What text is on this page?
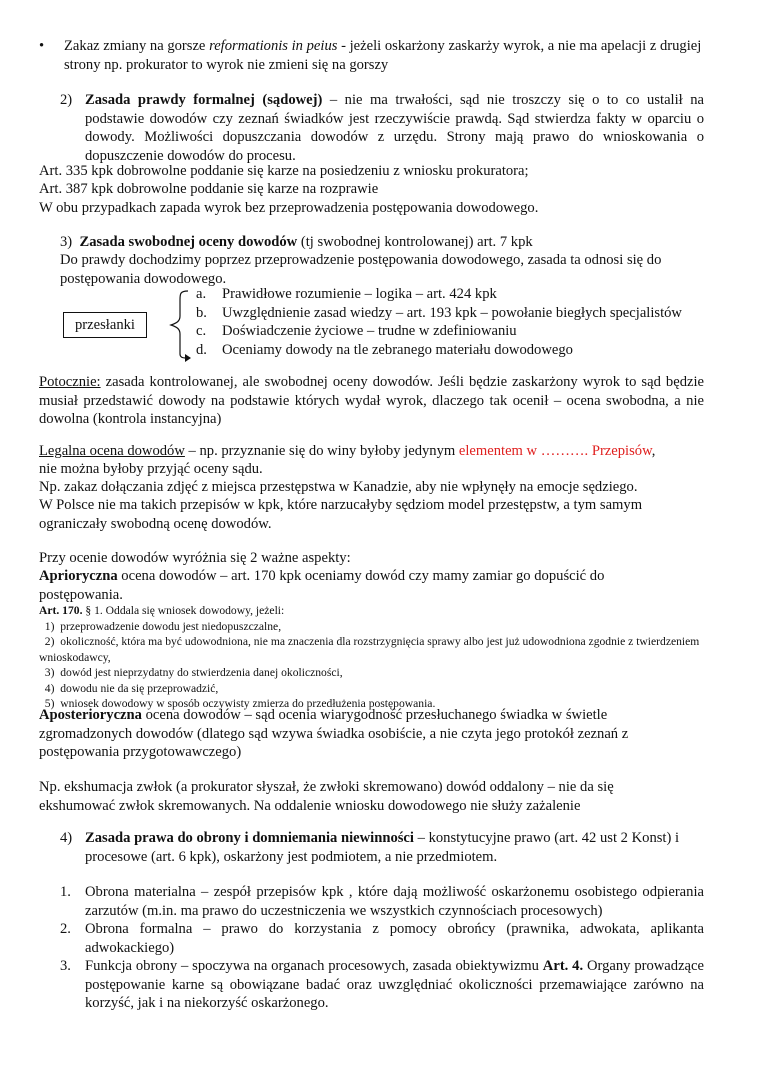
•	Zakaz zmiany na gorsze reformationis in peius - jeżeli oskarżony zaskarży wyrok, a nie ma apelacji z drugiej strony np. prokurator to wyrok nie zmieni się na gorszy
2) Zasada prawdy formalnej (sądowej) – nie ma trwałości, sąd nie troszczy się o to co ustalił na podstawie dowodów czy zeznań świadków jest rzeczywiście prawdą. Sąd stwierdza fakty w oparciu o dowody. Możliwości dopuszczania dowodów z urzędu. Strony mają prawo do wnioskowania o dopuszczenie dowodów do procesu.
Art. 335 kpk dobrowolne poddanie się karze na posiedzeniu z wniosku prokuratora;
Art. 387 kpk dobrowolne poddanie się karze na rozprawie
W obu przypadkach zapada wyrok bez przeprowadzenia postępowania dowodowego.
3) Zasada swobodnej oceny dowodów (tj swobodnej kontrolowanej) art. 7 kpk
Do prawdy dochodzimy poprzez przeprowadzenie postępowania dowodowego, zasada ta odnosi się do postępowania dowodowego.
przesłanki
a. Prawidłowe rozumienie – logika – art. 424 kpk
b. Uwzględnienie zasad wiedzy – art. 193 kpk – powołanie biegłych specjalistów
c. Doświadczenie życiowe – trudne w zdefiniowaniu
d. Oceniamy dowody na tle zebranego materiału dowodowego
Potocznie: zasada kontrolowanej, ale swobodnej oceny dowodów. Jeśli będzie zaskarżony wyrok to sąd będzie musiał przedstawić dowody na podstawie których wydał wyrok, dlaczego tak ocenił – ocena swobodna, a nie dowolna (kontrola instancyjna)
Legalna ocena dowodów – np. przyznanie się do winy byłoby jedynym elementem w ………. Przepisów,
nie można byłoby przyjąć oceny sądu.
Np. zakaz dołączania zdjęć z miejsca przestępstwa w Kanadzie, aby nie wpłynęły na emocje sędziego.
W Polsce nie ma takich przepisów w kpk, które narzucałyby sędziom model przestępstw, a tym samym ograniczały swobodną ocenę dowodów.
Przy ocenie dowodów wyróżnia się 2 ważne aspekty:
Aprioryczna ocena dowodów – art. 170 kpk oceniamy dowód czy mamy zamiar go dopuścić do postępowania.
Art. 170. § 1. Oddala się wniosek dowodowy, jeżeli:
1)  przeprowadzenie dowodu jest niedopuszczalne,
2)  okoliczność, która ma być udowodniona, nie ma znaczenia dla rozstrzygnięcia sprawy albo jest już udowodniona zgodnie z twierdzeniem wnioskodawcy,
3)  dowód jest nieprzydatny do stwierdzenia danej okoliczności,
4)  dowodu nie da się przeprowadzić,
5)  wniosek dowodowy w sposób oczywisty zmierza do przedłużenia postępowania.
Aposterioryczna ocena dowodów – sąd ocenia wiarygodność przesłuchanego świadka w świetle zgromadzonych dowodów (dlatego sąd wzywa świadka osobiście, a nie czyta jego protokół zeznań z postępowania przygotowawczego)
Np. ekshumacja zwłok (a prokurator słyszał, że zwłoki skremowano) dowód oddalony – nie da się ekshumować zwłok skremowanych. Na oddalenie wniosku dowodowego nie służy zażalenie
4) Zasada prawa do obrony i domniemania niewinności – konstytucyjne prawo (art. 42 ust 2 Konst) i procesowe (art. 6 kpk), oskarżony jest podmiotem, a nie przedmiotem.
1. Obrona materialna – zespół przepisów kpk , które dają możliwość oskarżonemu osobistego odpierania zarzutów (m.in. ma prawo do uczestniczenia we wszystkich czynnościach procesowych)
2. Obrona formalna – prawo do korzystania z pomocy obrońcy (prawnika, adwokata, aplikanta adwokackiego)
3. Funkcja obrony – spoczywa na organach procesowych, zasada obiektywizmu Art. 4. Organy prowadzące postępowanie karne są obowiązane badać oraz uwzględniać okoliczności przemawiające zarówno na korzyść, jak i na niekorzyść oskarżonego.
